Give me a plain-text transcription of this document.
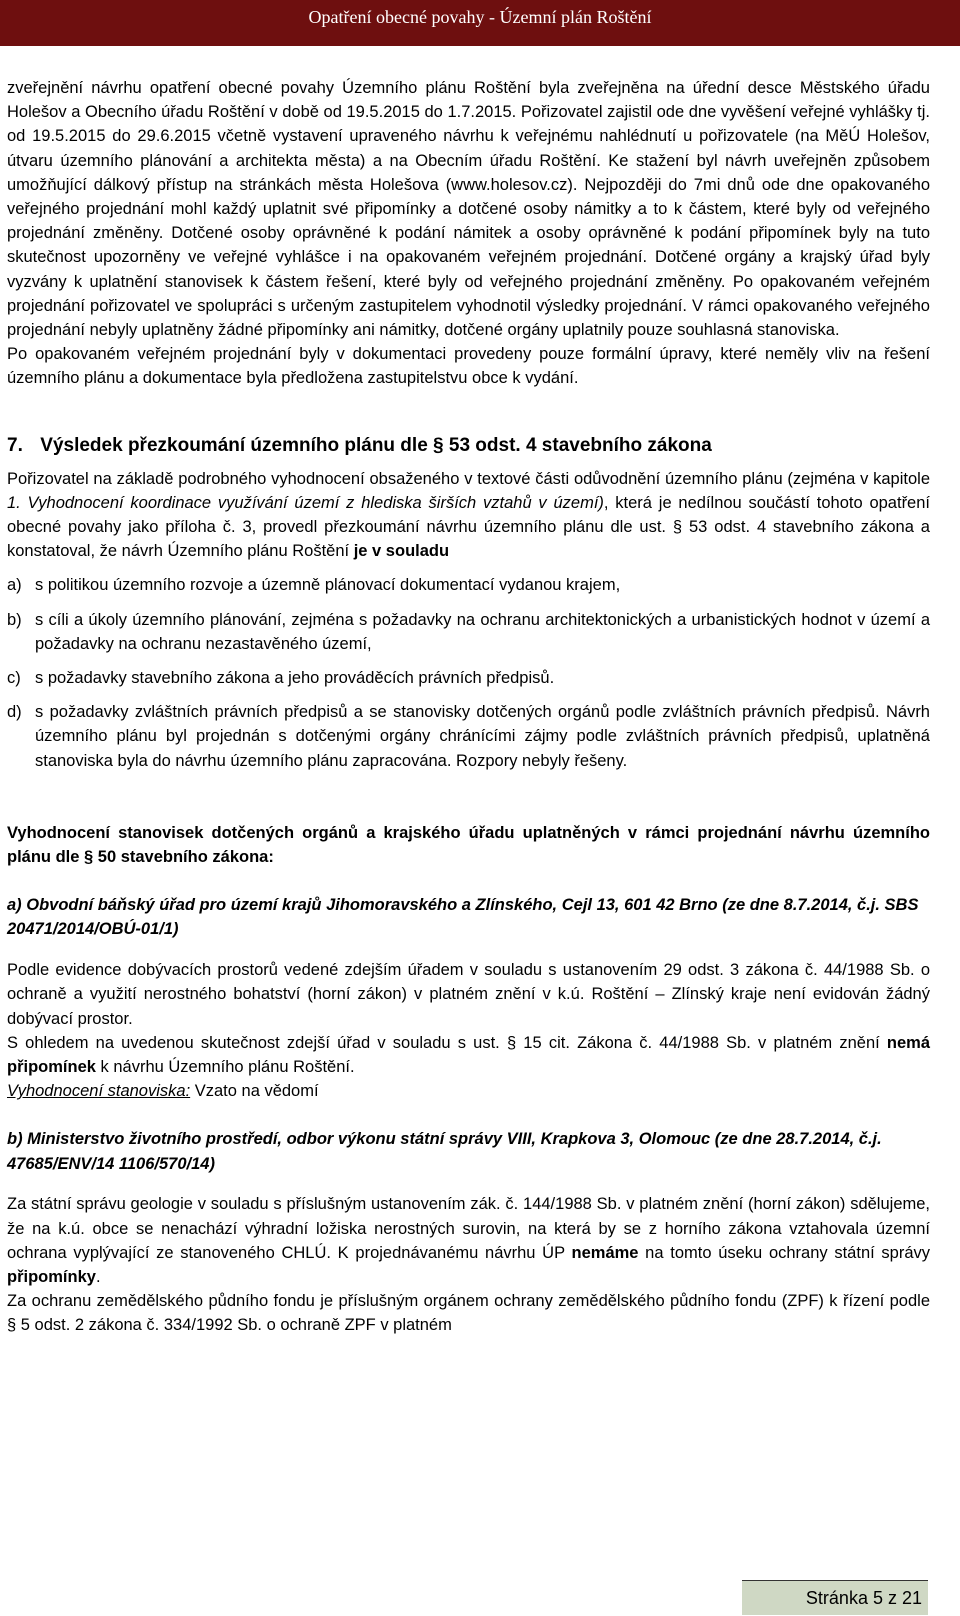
Opatření obecné povahy - Územní plán Roštění

zveřejnění návrhu opatření obecné povahy Územního plánu Roštění byla zveřejněna na úřední desce Městského úřadu Holešov a Obecního úřadu Roštění v době od 19.5.2015 do 1.7.2015. Pořizovatel zajistil ode dne vyvěšení veřejné vyhlášky tj. od 19.5.2015 do 29.6.2015 včetně vystavení upraveného návrhu k veřejnému nahlédnutí u pořizovatele (na MěÚ Holešov, útvaru územního plánování a architekta města) a na Obecním úřadu Roštění. Ke stažení byl návrh uveřejněn způsobem umožňující dálkový přístup na stránkách města Holešova (www.holesov.cz). Nejpozději do 7mi dnů ode dne opakovaného veřejného projednání mohl každý uplatnit své připomínky a dotčené osoby námitky a to k částem, které byly od veřejného projednání změněny. Dotčené osoby oprávněné k podání námitek a osoby oprávněné k podání připomínek byly na tuto skutečnost upozorněny ve veřejné vyhlášce i na opakovaném veřejném projednání. Dotčené orgány a krajský úřad byly vyzvány k uplatnění stanovisek k částem řešení, které byly od veřejného projednání změněny. Po opakovaném veřejném projednání pořizovatel ve spolupráci s určeným zastupitelem vyhodnotil výsledky projednání. V rámci opakovaného veřejného projednání nebyly uplatněny žádné připomínky ani námitky, dotčené orgány uplatnily pouze souhlasná stanoviska.

Po opakovaném veřejném projednání byly v dokumentaci provedeny pouze formální úpravy, které neměly vliv na řešení územního plánu a dokumentace byla předložena zastupitelstvu obce k vydání.

7. Výsledek přezkoumání územního plánu dle § 53 odst. 4 stavebního zákona

Pořizovatel na základě podrobného vyhodnocení obsaženého v textové části odůvodnění územního plánu (zejména v kapitole 1. Vyhodnocení koordinace využívání území z hlediska širších vztahů v území), která je nedílnou součástí tohoto opatření obecné povahy jako příloha č. 3, provedl přezkoumání návrhu územního plánu dle ust. § 53 odst. 4 stavebního zákona a konstatoval, že návrh Územního plánu Roštění je v souladu

a) s politikou územního rozvoje a územně plánovací dokumentací vydanou krajem,
b) s cíli a úkoly územního plánování, zejména s požadavky na ochranu architektonických a urbanistických hodnot v území a požadavky na ochranu nezastavěného území,
c) s požadavky stavebního zákona a jeho prováděcích právních předpisů.
d) s požadavky zvláštních právních předpisů a se stanovisky dotčených orgánů podle zvláštních právních předpisů. Návrh územního plánu byl projednán s dotčenými orgány chránícími zájmy podle zvláštních právních předpisů, uplatněná stanoviska byla do návrhu územního plánu zapracována. Rozpory nebyly řešeny.

Vyhodnocení stanovisek dotčených orgánů a krajského úřadu uplatněných v rámci projednání návrhu územního plánu dle § 50 stavebního zákona:

a) Obvodní báňský úřad pro území krajů Jihomoravského a Zlínského, Cejl 13, 601 42 Brno (ze dne 8.7.2014, č.j. SBS 20471/2014/OBÚ-01/1)

Podle evidence dobývacích prostorů vedené zdejším úřadem v souladu s ustanovením 29 odst. 3 zákona č. 44/1988 Sb. o ochraně a využití nerostného bohatství (horní zákon) v platném znění v k.ú. Roštění – Zlínský kraje není evidován žádný dobývací prostor.

S ohledem na uvedenou skutečnost zdejší úřad v souladu s ust. § 15 cit. Zákona č. 44/1988 Sb. v platném znění nemá připomínek k návrhu Územního plánu Roštění.

Vyhodnocení stanoviska: Vzato na vědomí

b) Ministerstvo životního prostředí, odbor výkonu státní správy VIII, Krapkova 3, Olomouc (ze dne 28.7.2014, č.j. 47685/ENV/14 1106/570/14)

Za státní správu geologie v souladu s příslušným ustanovením zák. č. 144/1988 Sb. v platném znění (horní zákon) sdělujeme, že na k.ú. obce se nenachází výhradní ložiska nerostných surovin, na která by se z horního zákona vztahovala územní ochrana vyplývající ze stanoveného CHLÚ. K projednávanému návrhu ÚP nemáme na tomto úseku ochrany státní správy připomínky.

Za ochranu zemědělského půdního fondu je příslušným orgánem ochrany zemědělského půdního fondu (ZPF) k řízení podle § 5 odst. 2 zákona č. 334/1992 Sb. o ochraně ZPF v platném

Stránka 5 z 21
